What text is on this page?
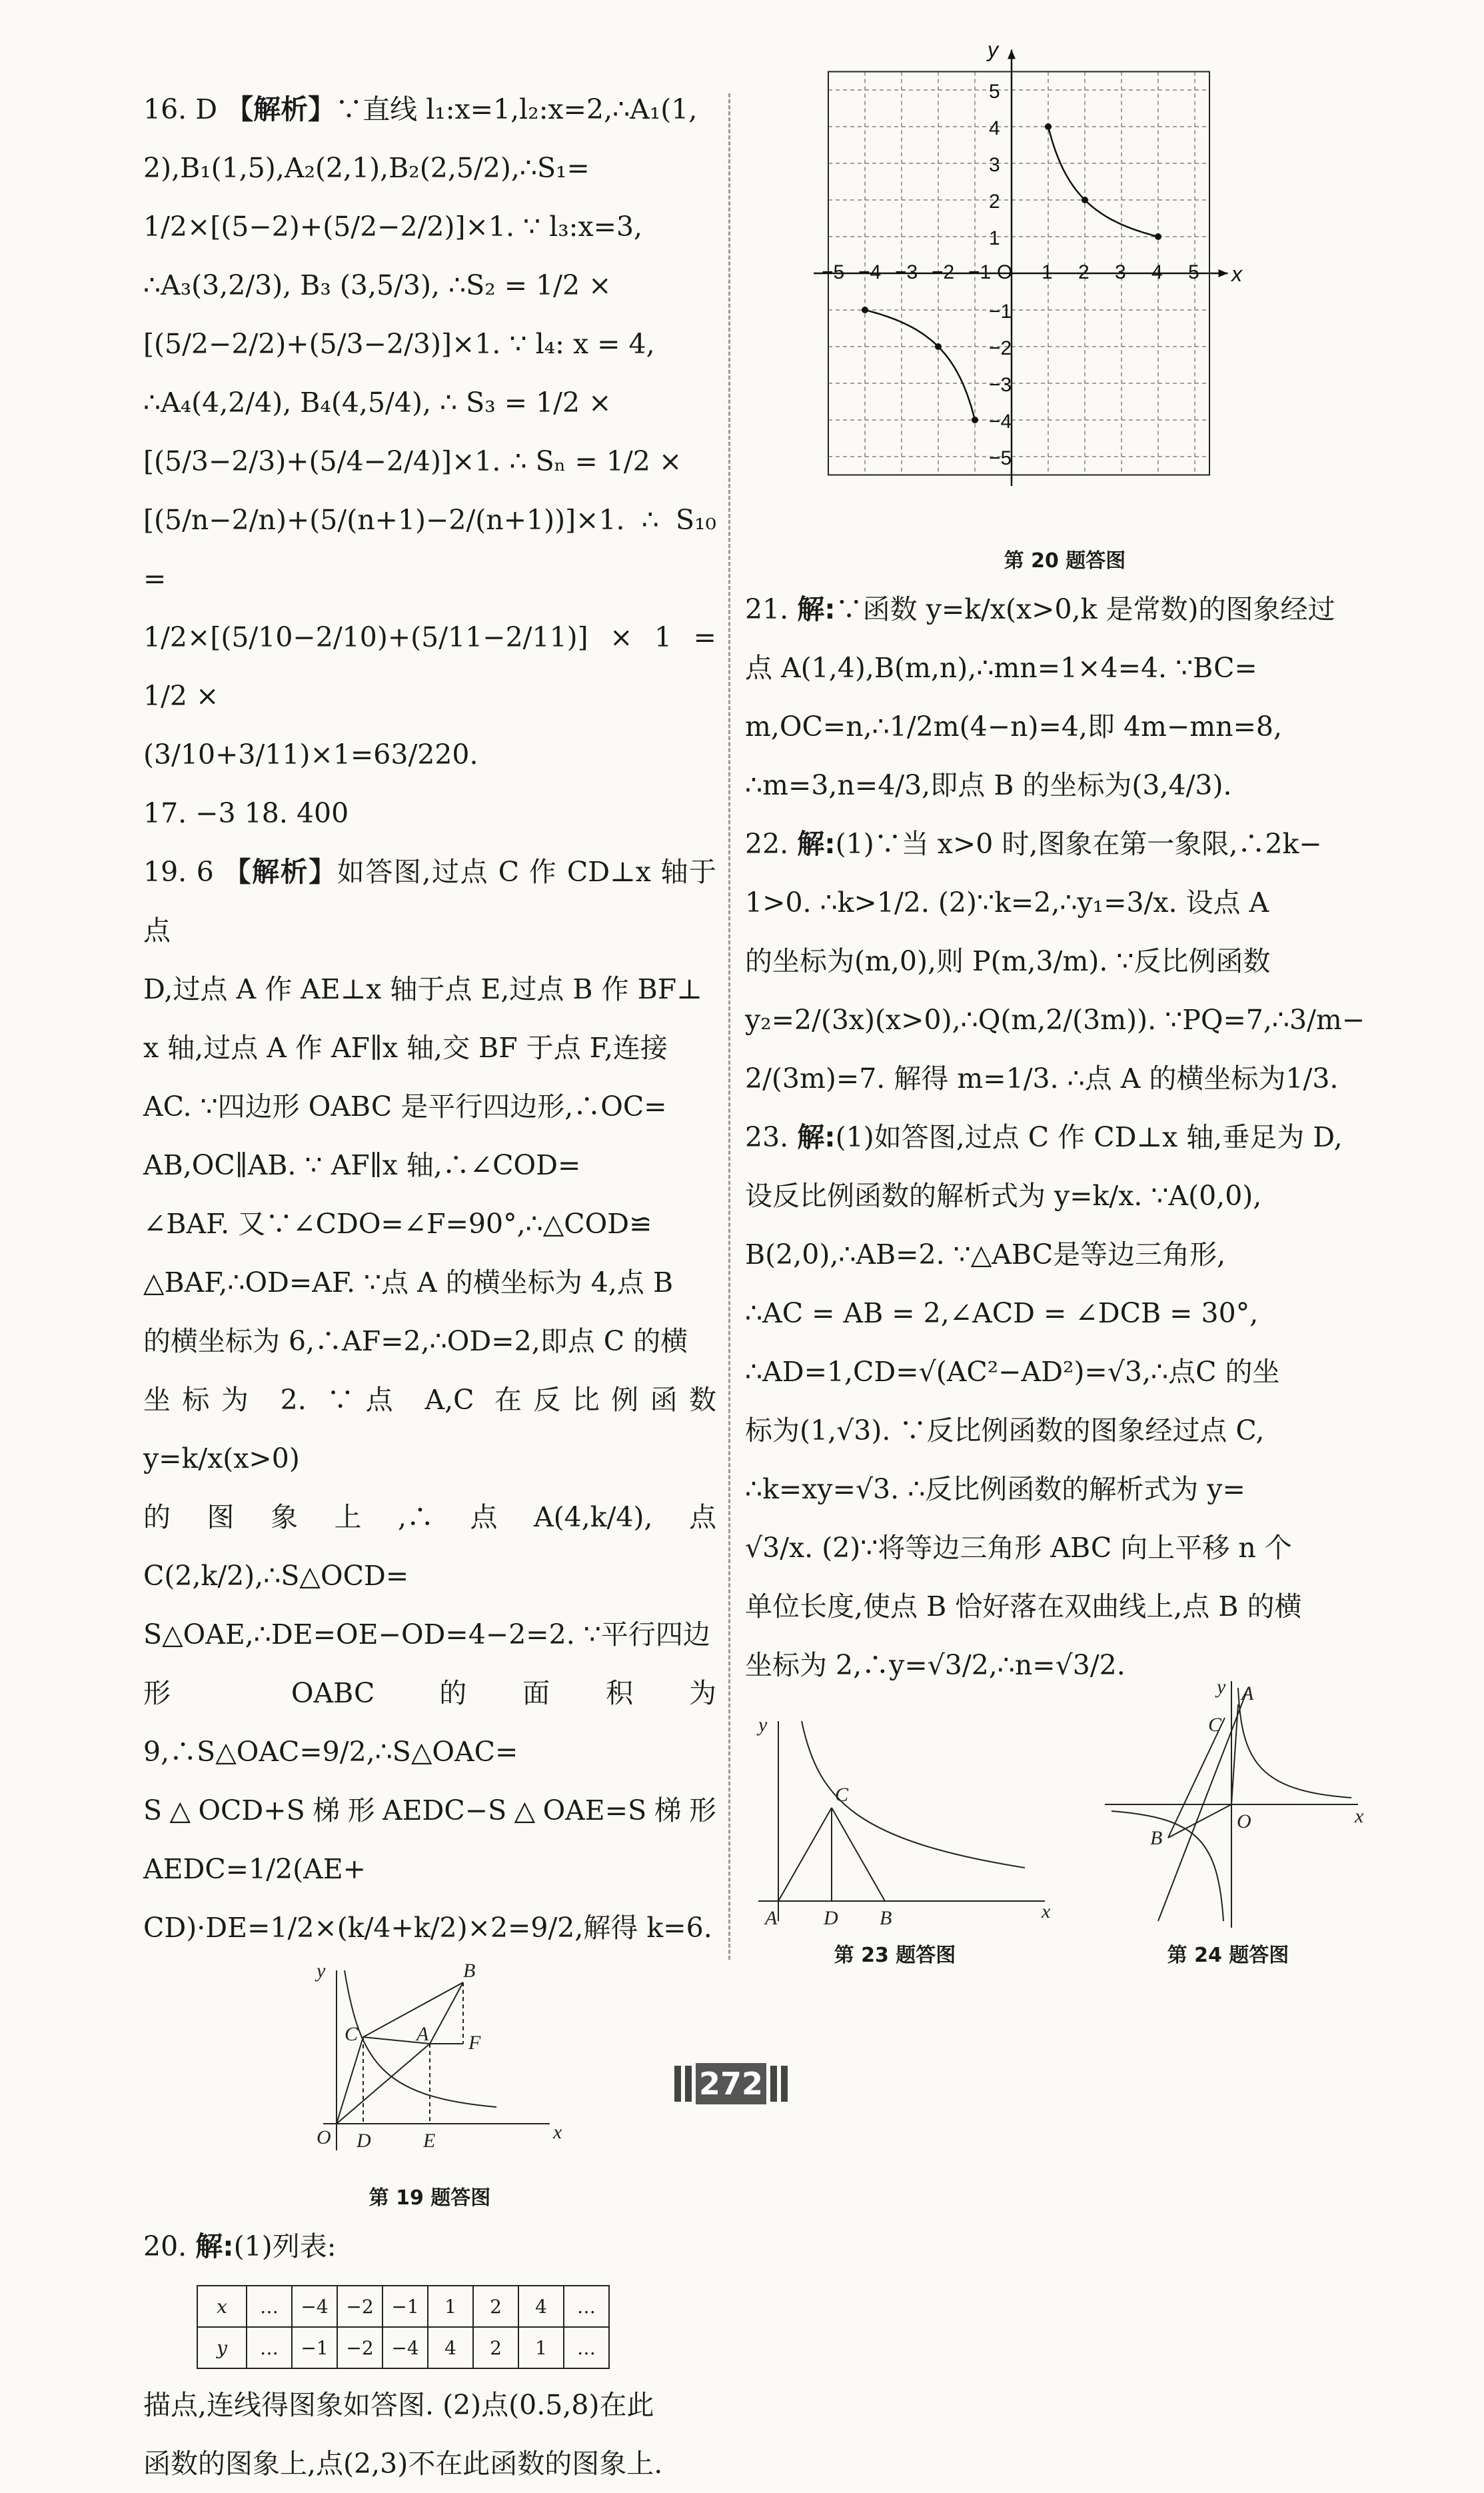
16. D 【解析】∵直线 l₁:x=1,l₂:x=2,∴A₁(1,

2),B₁(1,5),A₂(2,1),B₂(2,5/2),∴S₁=

1/2×[(5−2)+(5/2−2/2)]×1. ∵ l₃:x=3,

∴A₃(3,2/3), B₃ (3,5/3), ∴S₂ = 1/2 ×

[(5/2−2/2)+(5/3−2/3)]×1. ∵ l₄: x = 4,

∴A₄(4,2/4), B₄(4,5/4), ∴ S₃ = 1/2 ×

[(5/3−2/3)+(5/4−2/4)]×1. ∴ Sₙ = 1/2 ×

[(5/n−2/n)+(5/(n+1)−2/(n+1))]×1. ∴ S₁₀ =

1/2×[(5/10−2/10)+(5/11−2/11)] × 1 = 1/2 ×

(3/10+3/11)×1=63/220.

17. −3 18. 400

19. 6 【解析】如答图,过点 C 作 CD⊥x 轴于点

D,过点 A 作 AE⊥x 轴于点 E,过点 B 作 BF⊥

x 轴,过点 A 作 AF∥x 轴,交 BF 于点 F,连接

AC. ∵四边形 OABC 是平行四边形,∴OC=

AB,OC∥AB. ∵ AF∥x 轴,∴∠COD=

∠BAF. 又∵∠CDO=∠F=90°,∴△COD≌

△BAF,∴OD=AF. ∵点 A 的横坐标为 4,点 B

的横坐标为 6,∴AF=2,∴OD=2,即点 C 的横

坐标为 2. ∵点 A,C 在反比例函数 y=k/x(x>0)

的图象上,∴点A(4,k/4),点 C(2,k/2),∴S△OCD=

S△OAE,∴DE=OE−OD=4−2=2. ∵平行四边

形 OABC 的面积为 9,∴S△OAC=9/2,∴S△OAC=

S△OCD+S梯形AEDC−S△OAE=S梯形AEDC=1/2(AE+

CD)·DE=1/2×(k/4+k/2)×2=9/2,解得 k=6.

x
y
O D	E
C	A
B
F
第 19 题答图

20. 解:(1)列表:

x	…	−4	−2	−1	1	2	4	…
y	…	−1	−2	−4	4	2	1	…

描点,连线得图象如答图. (2)点(0.5,8)在此

函数的图象上,点(2,3)不在此函数的图象上.

−5 −4 −3 −2 −1	1 2 3 4 5
5
4
3
2
1
−1
−2
−3
−4
−5
O	x
y
第 20 题答图

21. 解:∵函数 y=k/x(x>0,k 是常数)的图象经过

点 A(1,4),B(m,n),∴mn=1×4=4. ∵BC=

m,OC=n,∴1/2m(4−n)=4,即 4m−mn=8,

∴m=3,n=4/3,即点 B 的坐标为(3,4/3).

22. 解:(1)∵当 x>0 时,图象在第一象限,∴2k−

1>0. ∴k>1/2. (2)∵k=2,∴y₁=3/x. 设点 A

的坐标为(m,0),则 P(m,3/m). ∵反比例函数

y₂=2/(3x)(x>0),∴Q(m,2/(3m)). ∵PQ=7,∴3/m−

2/(3m)=7. 解得 m=1/3. ∴点 A 的横坐标为1/3.

23. 解:(1)如答图,过点 C 作 CD⊥x 轴,垂足为 D,

设反比例函数的解析式为 y=k/x. ∵A(0,0),

B(2,0),∴AB=2. ∵△ABC是等边三角形,

∴AC = AB = 2,∠ACD = ∠DCB = 30°,

∴AD=1,CD=√(AC²−AD²)=√3,∴点C 的坐

标为(1,√3). ∵反比例函数的图象经过点 C,

∴k=xy=√3. ∴反比例函数的解析式为 y=

√3/x. (2)∵将等边三角形 ABC 向上平移 n 个

单位长度,使点 B 恰好落在双曲线上,点 B 的横

坐标为 2,∴y=√3/2,∴n=√3/2.

x
y
A D B
C
第 23 题答图
x
y
O
A
C
B
第 24 题答图
272
